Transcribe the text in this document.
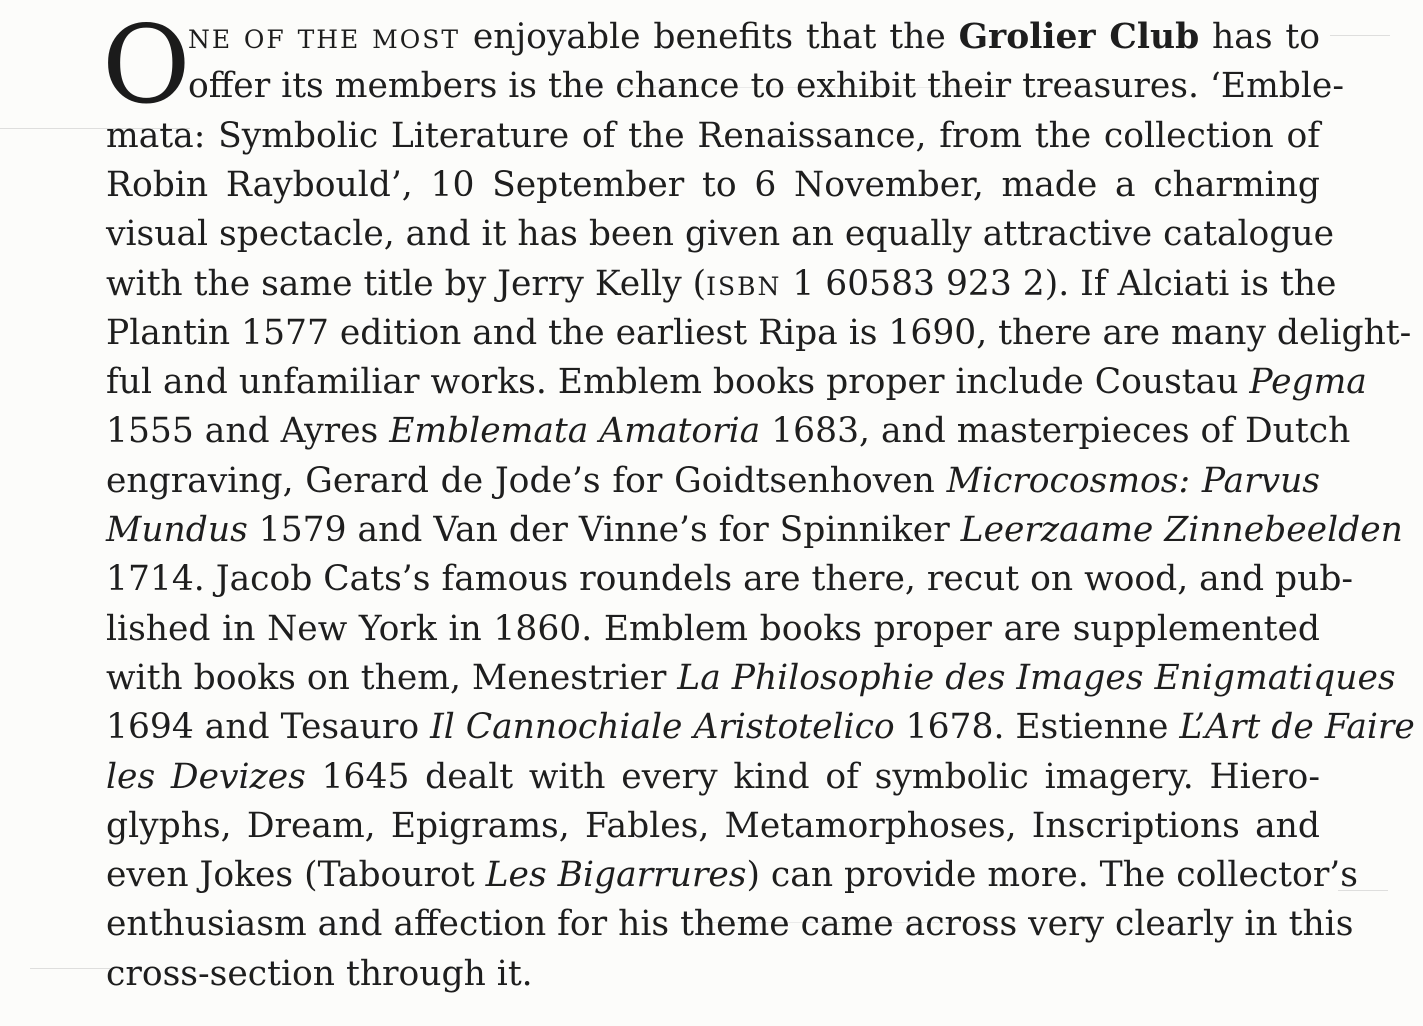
O
NE OF THE MOST enjoyable benefits that the Grolier Club has to
offer its members is the chance to exhibit their treasures. ‘Emble-
mata: Symbolic Literature of the Renaissance, from the collection of
Robin Raybould’, 10 September to 6 November, made a charming
visual spectacle, and it has been given an equally attractive catalogue
with the same title by Jerry Kelly (ISBN 1 60583 923 2). If Alciati is the
Plantin 1577 edition and the earliest Ripa is 1690, there are many delight-
ful and unfamiliar works. Emblem books proper include Coustau Pegma
1555 and Ayres Emblemata Amatoria 1683, and masterpieces of Dutch
engraving, Gerard de Jode’s for Goidtsenhoven Microcosmos: Parvus
Mundus 1579 and Van der Vinne’s for Spinniker Leerzaame Zinnebeelden
1714. Jacob Cats’s famous roundels are there, recut on wood, and pub-
lished in New York in 1860. Emblem books proper are supplemented
with books on them, Menestrier La Philosophie des Images Enigmatiques
1694 and Tesauro Il Cannochiale Aristotelico 1678. Estienne L’Art de Faire
les Devizes 1645 dealt with every kind of symbolic imagery. Hiero-
glyphs, Dream, Epigrams, Fables, Metamorphoses, Inscriptions and
even Jokes (Tabourot Les Bigarrures) can provide more. The collector’s
enthusiasm and affection for his theme came across very clearly in this
cross-section through it.
